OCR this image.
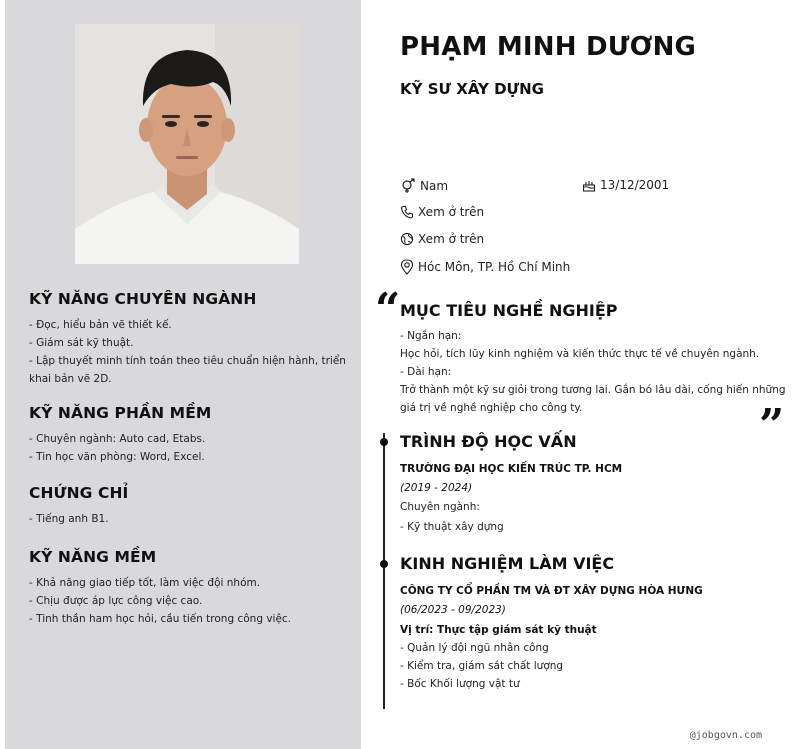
KỸ NĂNG CHUYÊN NGÀNH
- Đọc, hiểu bản vẽ thiết kế.
- Giám sát kỹ thuật.
- Lập thuyết minh tính toán theo tiêu chuẩn hiện hành, triển khai bản vẽ 2D.
KỸ NĂNG PHẦN MỀM
- Chuyên ngành: Auto cad, Etabs.
- Tin học văn phòng: Word, Excel.
CHỨNG CHỈ
- Tiếng anh B1.
KỸ NĂNG MỀM
- Khả năng giao tiếp tốt, làm việc đội nhóm.
- Chịu được áp lực công việc cao.
- Tinh thần ham học hỏi, cầu tiến trong công việc.
PHẠM MINH DƯƠNG
KỸ SƯ XÂY DỰNG
Nam	13/12/2001
Xem ở trên
Xem ở trên
Hóc Môn, TP. Hồ Chí Minh
“ MỤC TIÊU NGHỀ NGHIỆP
- Ngắn hạn:
Học hỏi, tích lũy kinh nghiệm và kiến thức thực tế về chuyên ngành.
- Dài hạn:
Trở thành một kỹ sư giỏi trong tương lai. Gắn bó lâu dài, cống hiến những giá trị về nghề nghiệp cho công ty.	”
TRÌNH ĐỘ HỌC VẤN
TRƯỜNG ĐẠI HỌC KIẾN TRÚC TP. HCM
(2019 - 2024)
Chuyên ngành:
- Kỹ thuật xây dựng
KINH NGHIỆM LÀM VIỆC
CÔNG TY CỔ PHẦN TM VÀ ĐT XÂY DỰNG HÒA HƯNG
(06/2023 - 09/2023)
Vị trí: Thực tập giám sát kỹ thuật
- Quản lý đội ngũ nhân công
- Kiểm tra, giám sát chất lượng
- Bốc Khối lượng vật tư
@jobgovn.com
